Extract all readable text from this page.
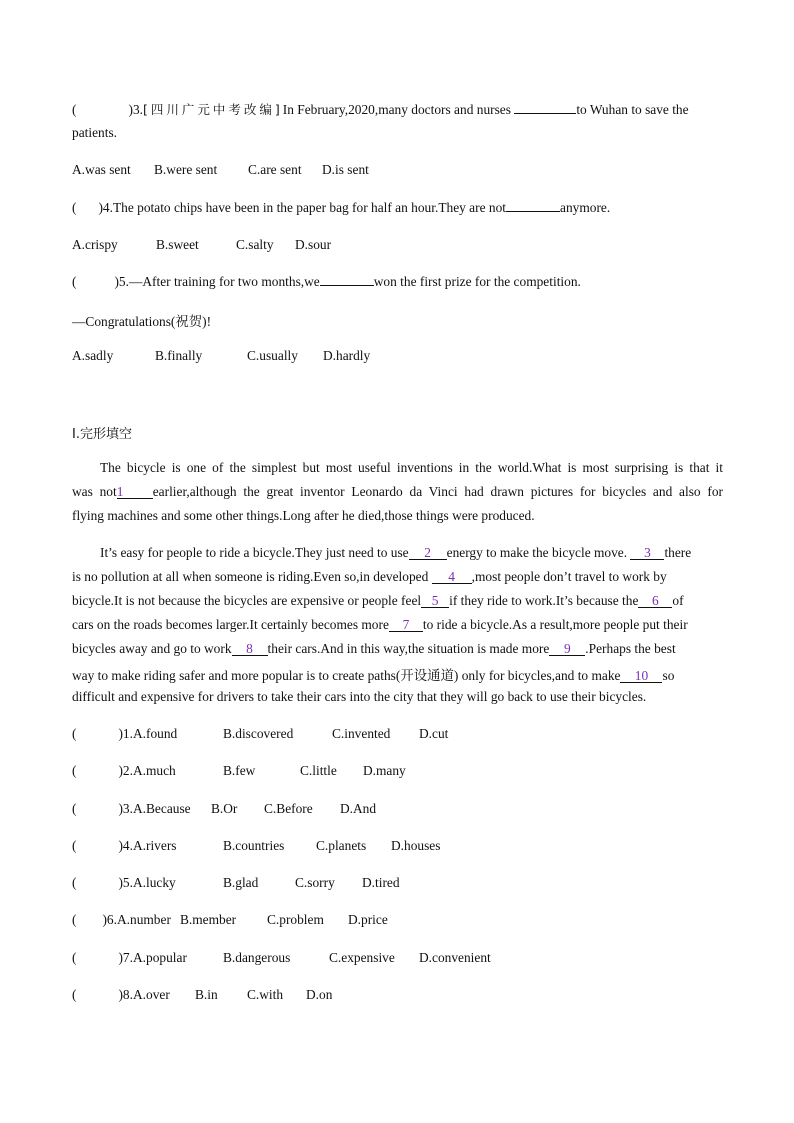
(	)3.[四川广元中考改编]In February,2020,many doctors and nurses	to Wuhan to save the
patients.
A.was sent B.were sent C.are sent D.is sent
( )4.The potato chips have been in the paper bag for half an hour.They are not	anymore.
A.crispy	B.sweet	C.salty D.sour
(	)5.—After training for two months,we	won the first prize for the competition.
—Congratulations(祝贺)!
A.sadly	B.finally	C.usually D.hardly
Ⅰ.完形填空
The bicycle is one of the simplest but most useful inventions in the world.What is most surprising is that it
was not1 earlier,although the great inventor Leonardo da Vinci had drawn pictures for bicycles and also for
flying machines and some other things.Long after he died,those things were produced.
It’s easy for people to ride a bicycle.They just need to use 2 energy to make the bicycle move. 3 there
is no pollution at all when someone is riding.Even so,in developed 4 ,most people don’t travel to work by
bicycle.It is not because the bicycles are expensive or people feel 5 if they ride to work.It’s because the 6 of
cars on the roads becomes larger.It certainly becomes more 7 to ride a bicycle.As a result,more people put their
bicycles away and go to work 8 their cars.And in this way,the situation is made more 9 .Perhaps the best
way to make riding safer and more popular is to create paths(开设通道) only for bicycles,and to make 10 so
difficult and expensive for drivers to take their cars into the city that they will go back to use their bicycles.
(	)1.A.found	B.discovered	C.invented D.cut
(	)2.A.much	B.few	C.little D.many
(	)3.A.Because B.Or C.Before D.And
(	)4.A.rivers	B.countries C.planets D.houses
(	)5.A.lucky	B.glad	C.sorry D.tired
( )6.A.number B.member C.problem D.price
(	)7.A.popular	B.dangerous	C.expensive D.convenient
(	)8.A.over B.in C.with D.on
